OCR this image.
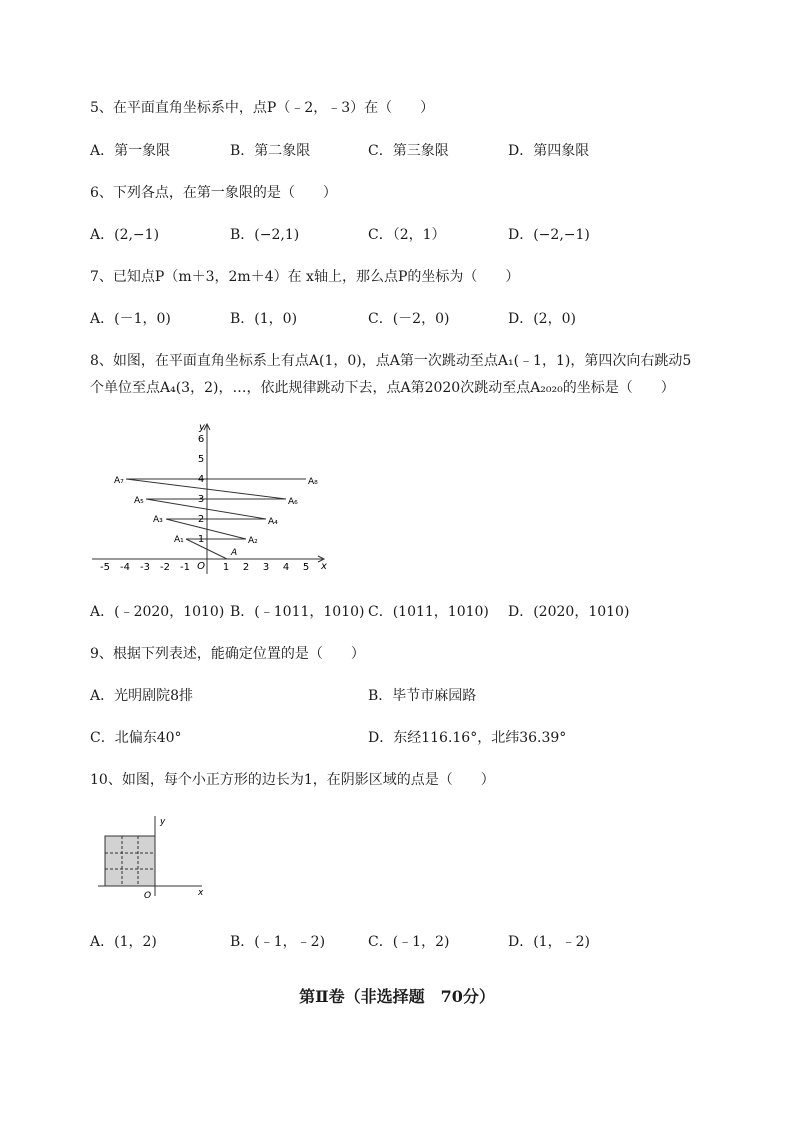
5、在平面直角坐标系中，点P（﹣2，﹣3）在（　　）
A．第一象限	B．第二象限	C．第三象限	D．第四象限
6、下列各点，在第一象限的是（　　）
A．(2,−1)	B．(−2,1)	C．（2，1）	D．(−2,−1)
7、已知点P（m＋3，2m＋4）在 x轴上，那么点P的坐标为（　　）
A．(－1，0)	B．(1，0)	C．(－2，0)	D．(2，0)
8、如图，在平面直角坐标系上有点A(1，0)，点A第一次跳动至点A₁(﹣1，1)，第四次向右跳动5
个单位至点A₄(3，2)，…，依此规律跳动下去，点A第2020次跳动至点A₂₀₂₀的坐标是（　　）
-5 -4 -3 -2 -1 O 1 2 3 4 5 x
1
2
3
4
5
6
y
A
A₁	A₂
A₃	A₄
A₅	A₆
A₇	A₈
A．(﹣2020，1010) B．(﹣1011，1010) C．(1011，1010) D．(2020，1010)
9、根据下列表述，能确定位置的是（　　）
A．光明剧院8排	B．毕节市麻园路
C．北偏东40°	D．东经116.16°，北纬36.39°
10、如图，每个小正方形的边长为1，在阴影区域的点是（　　）
y
x
O
A．(1，2)	B．(﹣1，﹣2)	C．(﹣1，2)	D．(1，﹣2)
第Ⅱ卷（非选择题　70分）
